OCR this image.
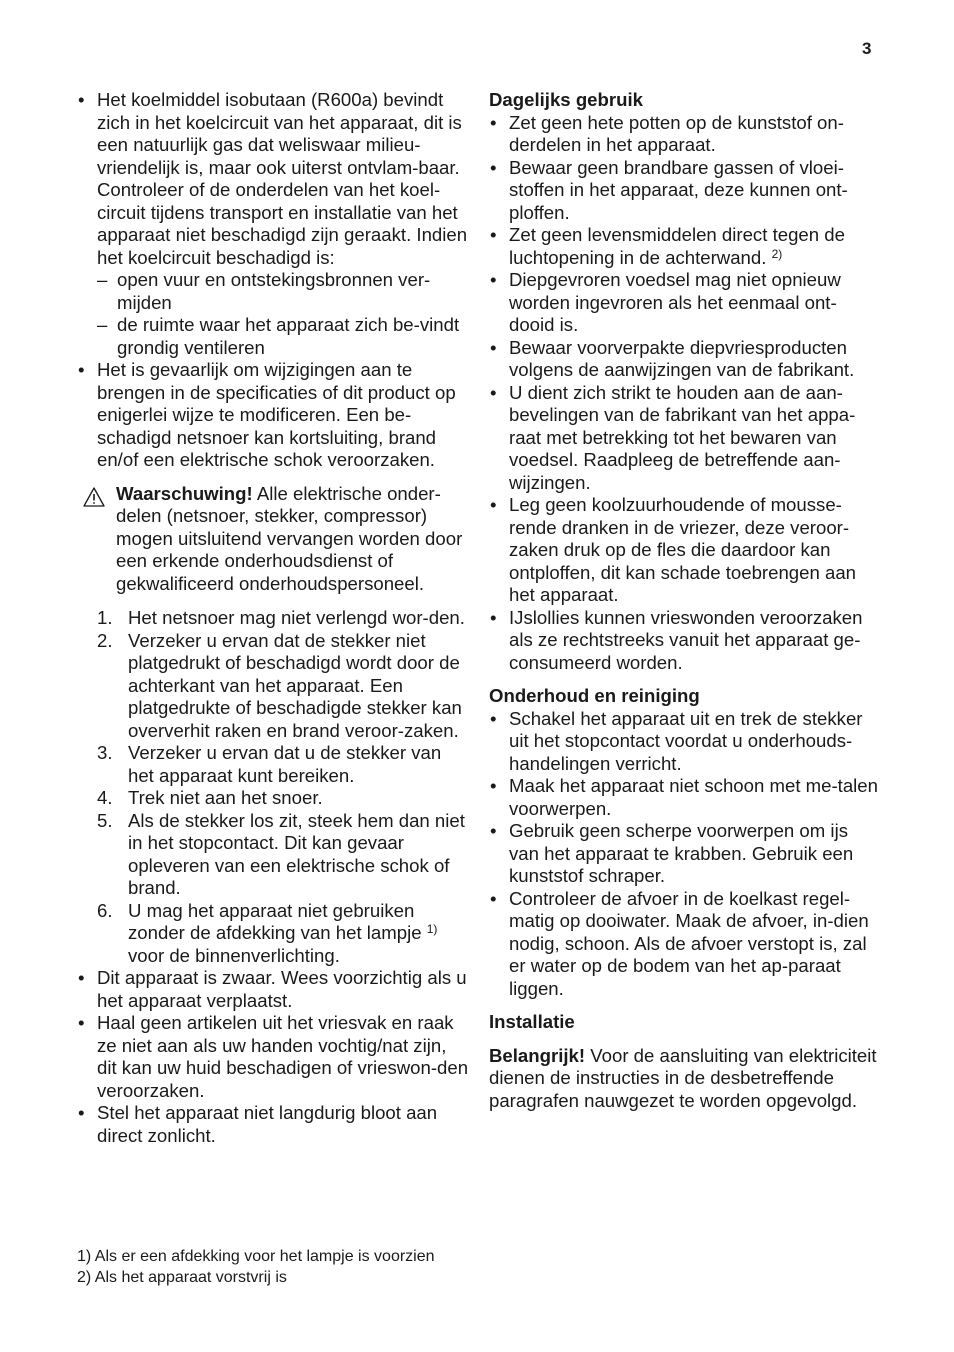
3

• Het koelmiddel isobutaan (R600a) bevindt zich in het koelcircuit van het apparaat, dit is een natuurlijk gas dat weliswaar milieu-vriendelijk is, maar ook uiterst ontvlam-baar.

Controleer of de onderdelen van het koel-circuit tijdens transport en installatie van het apparaat niet beschadigd zijn geraakt. Indien het koelcircuit beschadigd is:

– open vuur en ontstekingsbronnen ver-mijden
– de ruimte waar het apparaat zich be-vindt grondig ventileren
• Het is gevaarlijk om wijzigingen aan te brengen in de specificaties of dit product op enigerlei wijze te modificeren. Een be-schadigd netsnoer kan kortsluiting, brand en/of een elektrische schok veroorzaken.
Waarschuwing! Alle elektrische onder-delen (netsnoer, stekker, compressor) mogen uitsluitend vervangen worden door een erkende onderhoudsdienst of gekwalificeerd onderhoudspersoneel.
1. Het netsnoer mag niet verlengd wor-den.
2. Verzeker u ervan dat de stekker niet platgedrukt of beschadigd wordt door de achterkant van het apparaat. Een platgedrukte of beschadigde stekker kan oververhit raken en brand veroor-zaken.
3. Verzeker u ervan dat u de stekker van het apparaat kunt bereiken.
4. Trek niet aan het snoer.
5. Als de stekker los zit, steek hem dan niet in het stopcontact. Dit kan gevaar opleveren van een elektrische schok of brand.
6. U mag het apparaat niet gebruiken zonder de afdekking van het lampje $^{1)}$ voor de binnenverlichting.
• Dit apparaat is zwaar. Wees voorzichtig als u het apparaat verplaatst.
• Haal geen artikelen uit het vriesvak en raak ze niet aan als uw handen vochtig/nat zijn, dit kan uw huid beschadigen of vrieswon-den veroorzaken.
• Stel het apparaat niet langdurig bloot aan direct zonlicht.
Dagelijks gebruik
• Zet geen hete potten op de kunststof on-derdelen in het apparaat.
• Bewaar geen brandbare gassen of vloei-stoffen in het apparaat, deze kunnen ont-ploffen.
• Zet geen levensmiddelen direct tegen de luchtopening in de achterwand. $^{2)}$
• Diepgevroren voedsel mag niet opnieuw worden ingevroren als het eenmaal ont-dooid is.
• Bewaar voorverpakte diepvriesproducten volgens de aanwijzingen van de fabrikant.
• U dient zich strikt te houden aan de aan-bevelingen van de fabrikant van het appa-raat met betrekking tot het bewaren van voedsel. Raadpleeg de betreffende aan-wijzingen.
• Leg geen koolzuurhoudende of mousse-rende dranken in de vriezer, deze veroor-zaken druk op de fles die daardoor kan ontploffen, dit kan schade toebrengen aan het apparaat.
• IJslollies kunnen vrieswonden veroorzaken als ze rechtstreeks vanuit het apparaat ge-consumeerd worden.
Onderhoud en reiniging
• Schakel het apparaat uit en trek de stekker uit het stopcontact voordat u onderhouds-handelingen verricht.
• Maak het apparaat niet schoon met me-talen voorwerpen.
• Gebruik geen scherpe voorwerpen om ijs van het apparaat te krabben. Gebruik een kunststof schraper.
• Controleer de afvoer in de koelkast regel-matig op dooiwater. Maak de afvoer, in-dien nodig, schoon. Als de afvoer verstopt is, zal er water op de bodem van het ap-paraat liggen.
Installatie

Belangrijk! Voor de aansluiting van elektriciteit dienen de instructies in de desbetreffende paragrafen nauwgezet te worden opgevolgd.

1) Als er een afdekking voor het lampje is voorzien
2) Als het apparaat vorstvrij is
